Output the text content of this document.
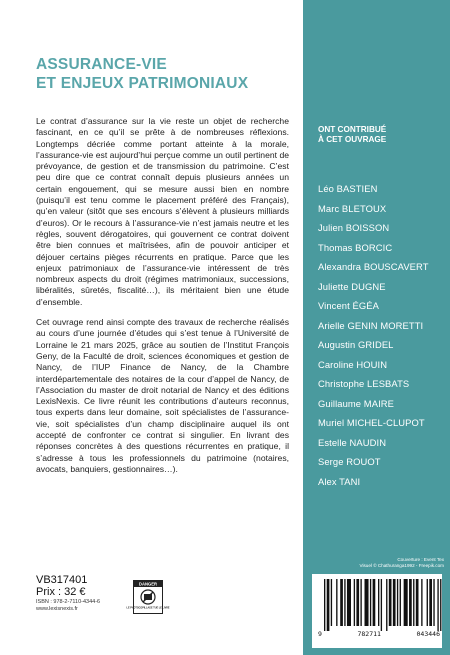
ASSURANCE-VIE
ET ENJEUX PATRIMONIAUX

Le contrat d’assurance sur la vie reste un objet de recherche fascinant, en ce qu’il se prête à de nombreuses réflexions. Longtemps décriée comme portant atteinte à la morale, l’assurance-vie est aujourd’hui perçue comme un outil pertinent de prévoyance, de gestion et de transmission du patrimoine. C’est peu dire que ce contrat connaît depuis plusieurs années un certain engouement, qui se mesure aussi bien en nombre (puisqu’il est tenu comme le placement préféré des Français), qu’en valeur (sitôt que ses encours s’élèvent à plusieurs milliards d’euros). Or le recours à l’assurance-vie n’est jamais neutre et les règles, souvent dérogatoires, qui gouvernent ce contrat doivent être bien connues et maîtrisées, afin de pouvoir anticiper et déjouer certains pièges récurrents en pratique. Parce que les enjeux patrimoniaux de l’assurance-vie intéressent de très nombreux aspects du droit (régimes matrimoniaux, successions, libéralités, sûretés, fiscalité…), ils méritaient bien une étude d’ensemble.

Cet ouvrage rend ainsi compte des travaux de recherche réalisés au cours d’une journée d’études qui s’est tenue à l’Université de Lorraine le 21 mars 2025, grâce au soutien de l’Institut François Geny, de la Faculté de droit, sciences économiques et gestion de Nancy, de l’IUP Finance de Nancy, de la Chambre interdépartementale des notaires de la cour d’appel de Nancy, de l’Association du master de droit notarial de Nancy et des éditions LexisNexis. Ce livre réunit les contributions d’auteurs reconnus, tous experts dans leur domaine, soit spécialistes de l’assurance-vie, soit spécialistes d’un champ disciplinaire auquel ils ont accepté de confronter ce contrat si singulier. En livrant des réponses concrètes à des questions récurrentes en pratique, il s’adresse à tous les professionnels du patrimoine (notaires, avocats, banquiers, gestionnaires…).

ONT CONTRIBUÉ
À CET OUVRAGE
Léo BASTIEN
Marc BLETOUX
Julien BOISSON
Thomas BORCIC
Alexandra BOUSCAVERT
Juliette DUGNE
Vincent ÉGÉA
Arielle GENIN MORETTI
Augustin GRIDEL
Caroline HOUIN
Christophe LESBATS
Guillaume MAIRE
Muriel MICHEL-CLUPOT
Estelle NAUDIN
Serge ROUOT
Alex TANI
Couverture : Event Tex
Visuel © Chathuranga1992 - Freepik.com
9	782711	043446
VB317401
Prix : 32 €
ISBN : 978-2-7110-4344-6
www.lexisnexis.fr
DANGER
LE PHOTOCOPILLAGE TUE LE LIVRE
